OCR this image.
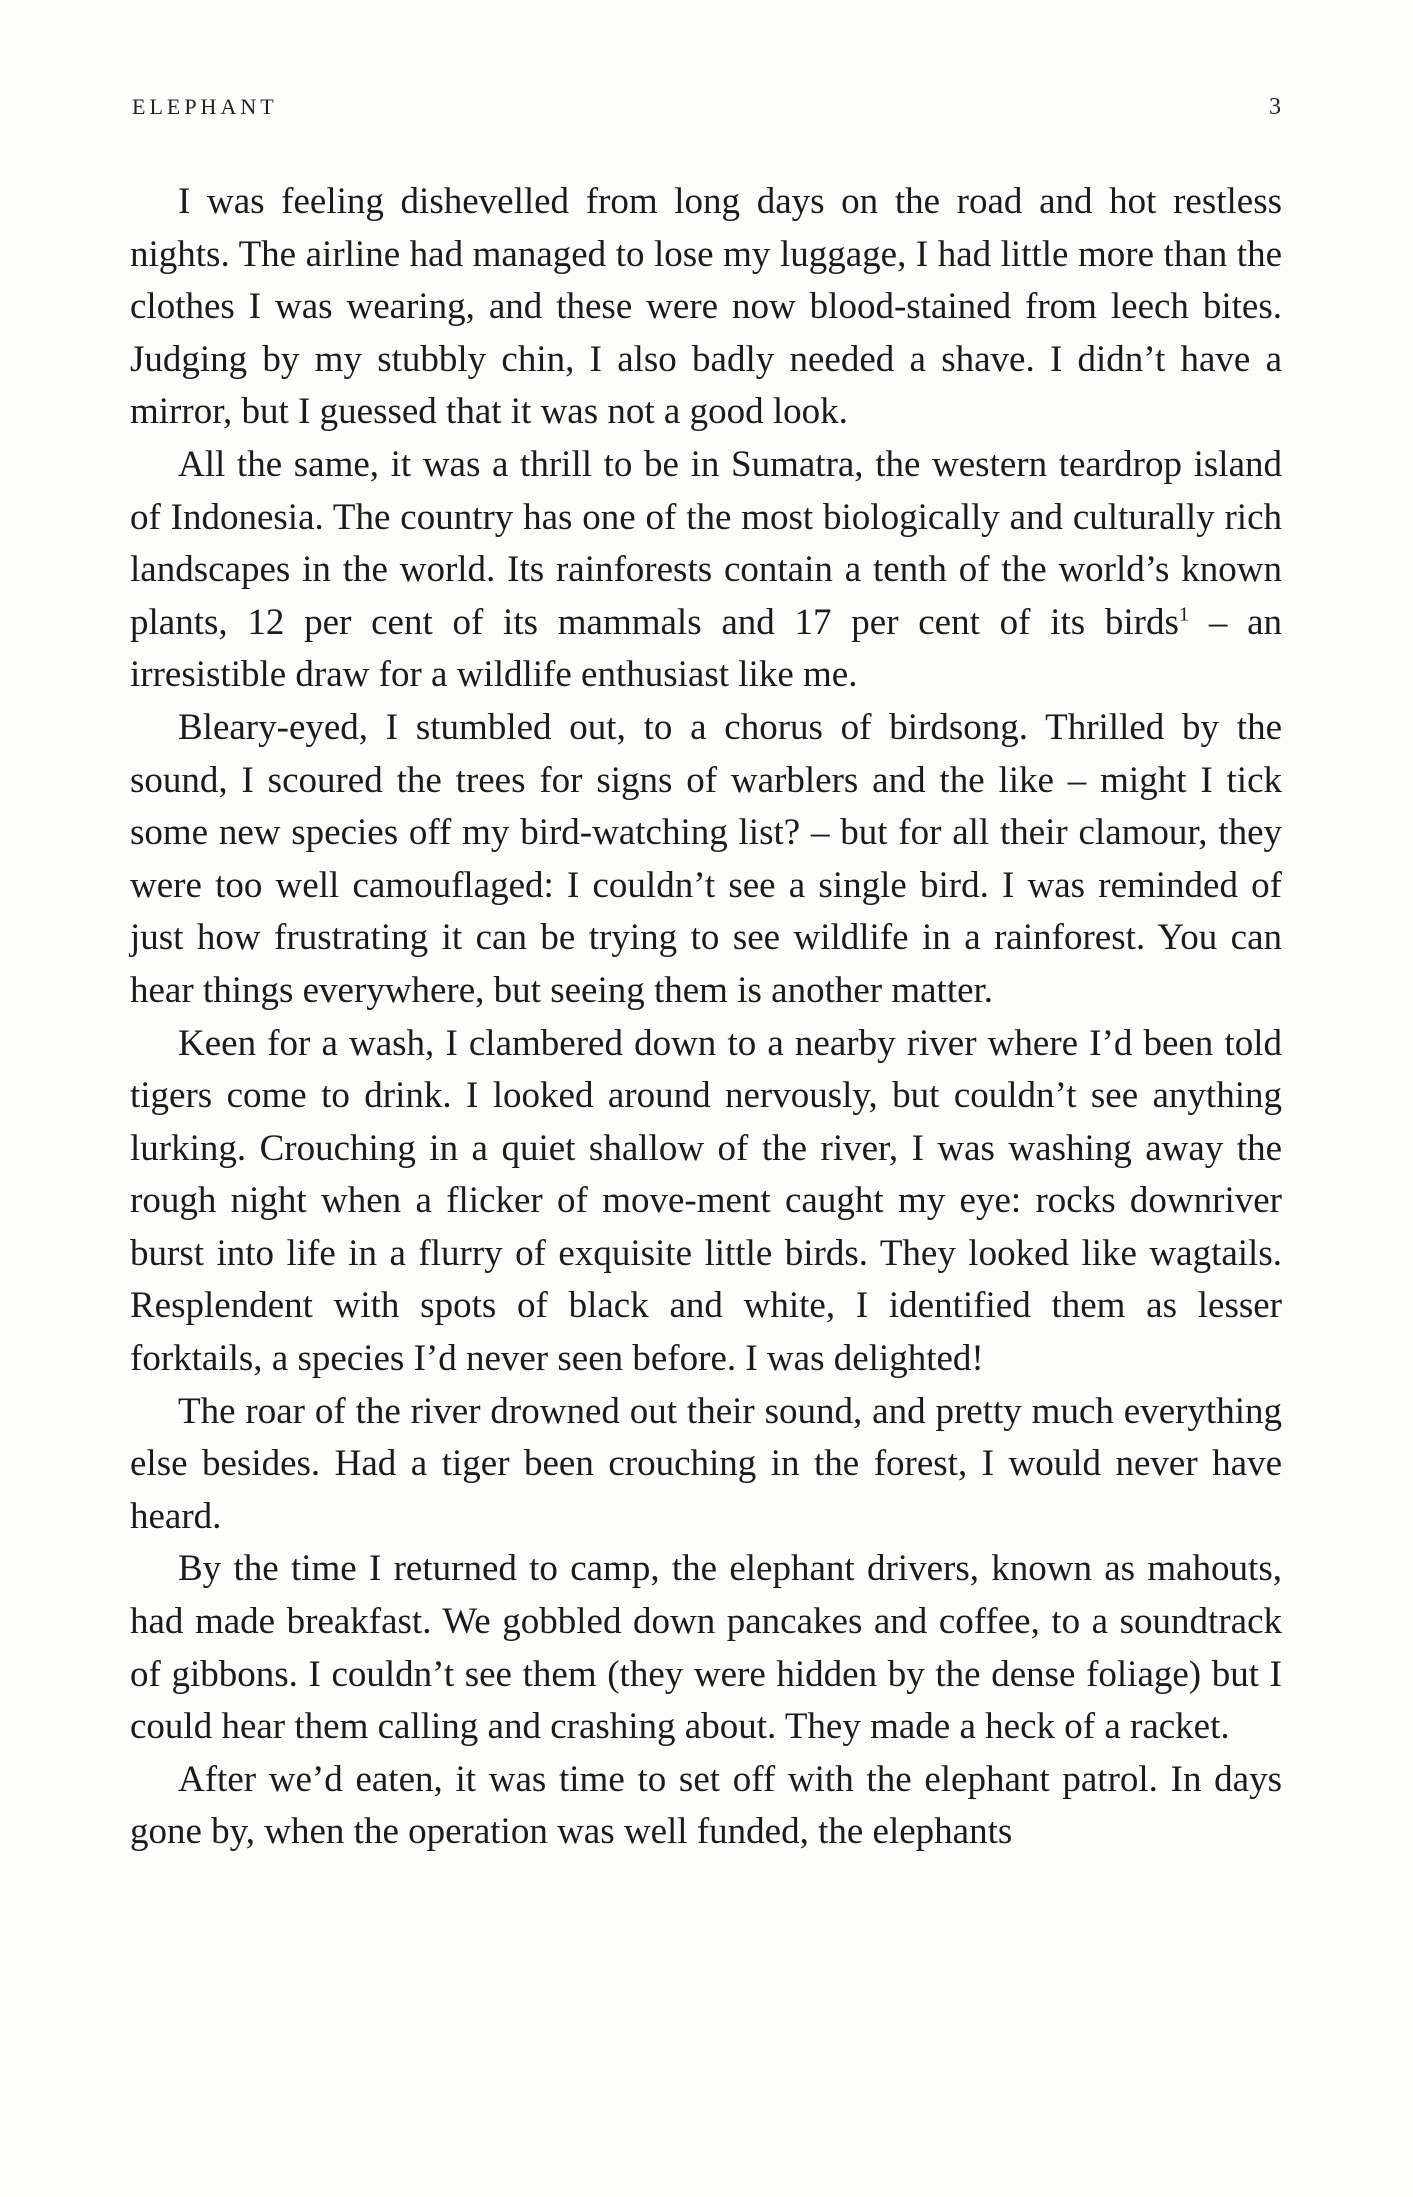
ELEPHANT	3

I was feeling dishevelled from long days on the road and hot restless nights. The airline had managed to lose my luggage, I had little more than the clothes I was wearing, and these were now blood-stained from leech bites. Judging by my stubbly chin, I also badly needed a shave. I didn’t have a mirror, but I guessed that it was not a good look.

All the same, it was a thrill to be in Sumatra, the western teardrop island of Indonesia. The country has one of the most biologically and culturally rich landscapes in the world. Its rainforests contain a tenth of the world’s known plants, 12 per cent of its mammals and 17 per cent of its birds$^1$ – an irresistible draw for a wildlife enthusiast like me.

Bleary-eyed, I stumbled out, to a chorus of birdsong. Thrilled by the sound, I scoured the trees for signs of warblers and the like – might I tick some new species off my bird-watching list? – but for all their clamour, they were too well camouflaged: I couldn’t see a single bird. I was reminded of just how frustrating it can be trying to see wildlife in a rainforest. You can hear things everywhere, but seeing them is another matter.

Keen for a wash, I clambered down to a nearby river where I’d been told tigers come to drink. I looked around nervously, but couldn’t see anything lurking. Crouching in a quiet shallow of the river, I was washing away the rough night when a flicker of move-ment caught my eye: rocks downriver burst into life in a flurry of exquisite little birds. They looked like wagtails. Resplendent with spots of black and white, I identified them as lesser forktails, a species I’d never seen before. I was delighted!

The roar of the river drowned out their sound, and pretty much everything else besides. Had a tiger been crouching in the forest, I would never have heard.

By the time I returned to camp, the elephant drivers, known as mahouts, had made breakfast. We gobbled down pancakes and coffee, to a soundtrack of gibbons. I couldn’t see them (they were hidden by the dense foliage) but I could hear them calling and crashing about. They made a heck of a racket.

After we’d eaten, it was time to set off with the elephant patrol. In days gone by, when the operation was well funded, the elephants
